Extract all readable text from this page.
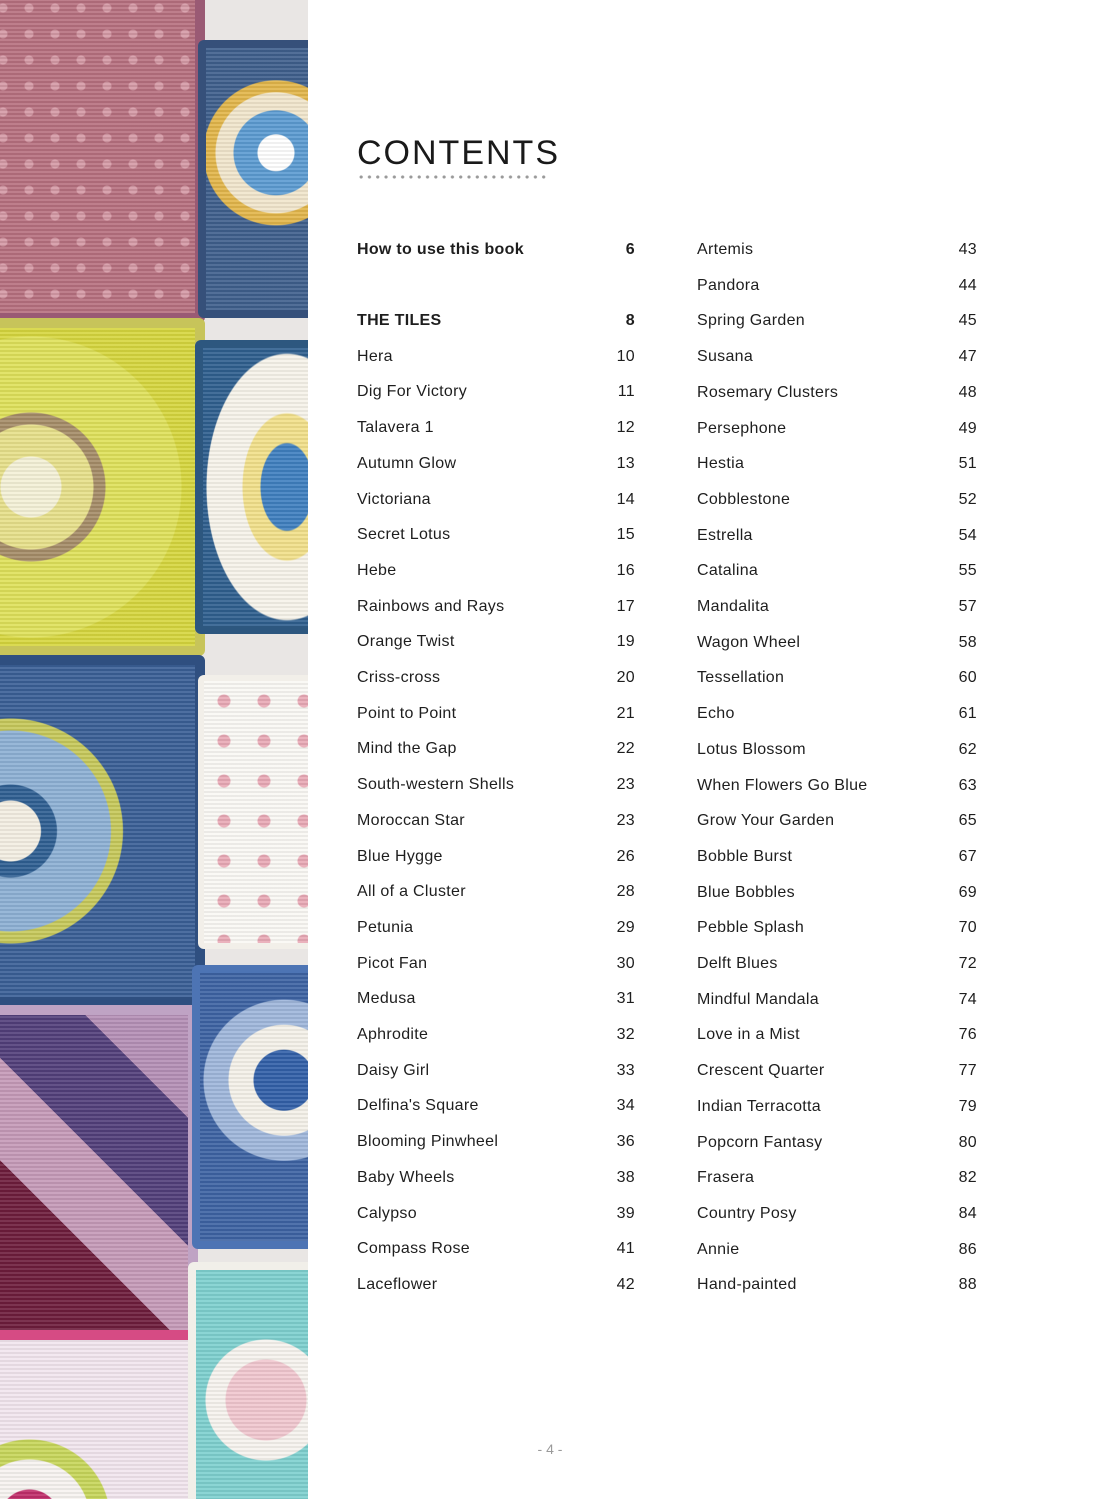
CONTENTS
How to use this book	6
THE TILES	8
Hera	10
Dig For Victory	11
Talavera 1	12
Autumn Glow	13
Victoriana	14
Secret Lotus	15
Hebe	16
Rainbows and Rays	17
Orange Twist	19
Criss-cross	20
Point to Point	21
Mind the Gap	22
South-western Shells	23
Moroccan Star	23
Blue Hygge	26
All of a Cluster	28
Petunia	29
Picot Fan	30
Medusa	31
Aphrodite	32
Daisy Girl	33
Delfina's Square	34
Blooming Pinwheel	36
Baby Wheels	38
Calypso	39
Compass Rose	41
Laceflower	42
Artemis	43
Pandora	44
Spring Garden	45
Susana	47
Rosemary Clusters	48
Persephone	49
Hestia	51
Cobblestone	52
Estrella	54
Catalina	55
Mandalita	57
Wagon Wheel	58
Tessellation	60
Echo	61
Lotus Blossom	62
When Flowers Go Blue	63
Grow Your Garden	65
Bobble Burst	67
Blue Bobbles	69
Pebble Splash	70
Delft Blues	72
Mindful Mandala	74
Love in a Mist	76
Crescent Quarter	77
Indian Terracotta	79
Popcorn Fantasy	80
Frasera	82
Country Posy	84
Annie	86
Hand-painted	88
- 4 -
